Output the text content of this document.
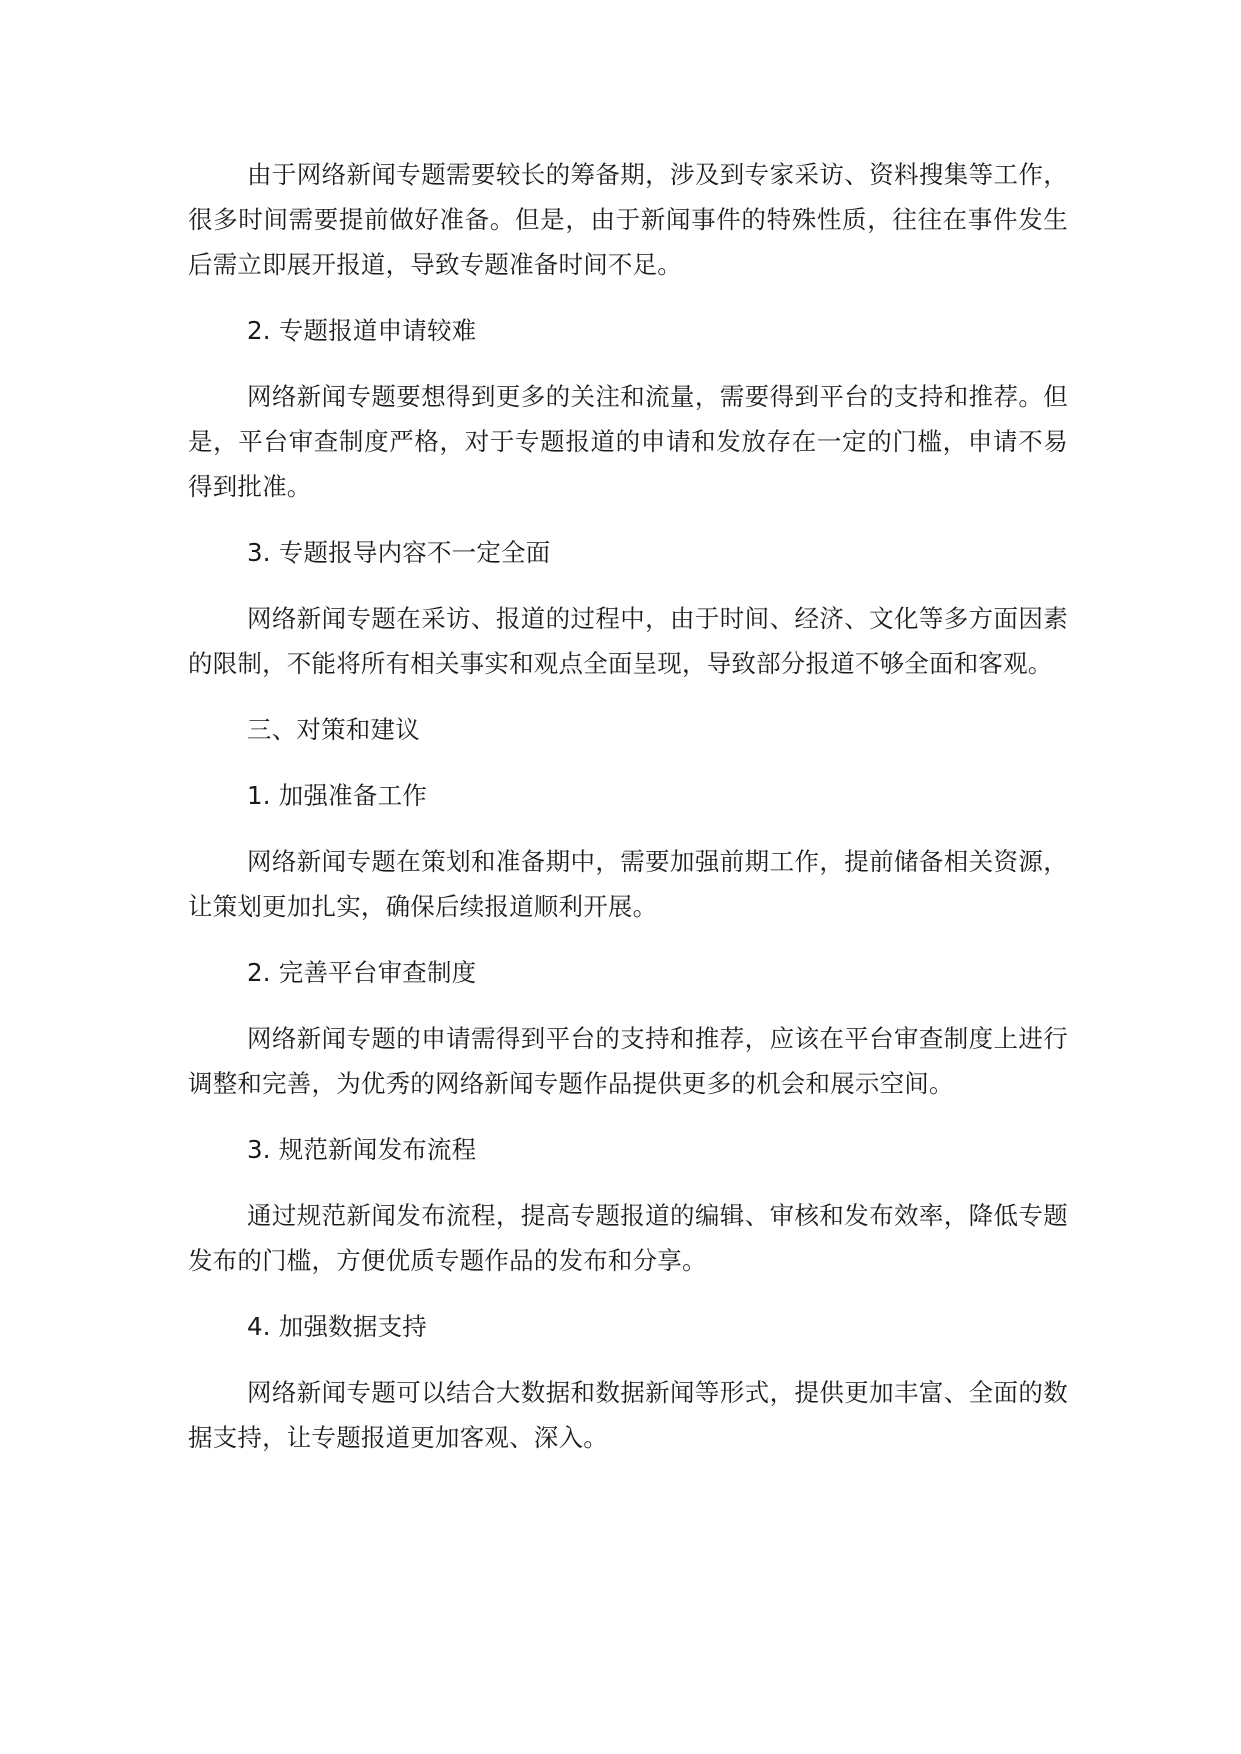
由于网络新闻专题需要较长的筹备期，涉及到专家采访、资料搜集等工作，很多时间需要提前做好准备。但是，由于新闻事件的特殊性质，往往在事件发生后需立即展开报道，导致专题准备时间不足。

2. 专题报道申请较难

网络新闻专题要想得到更多的关注和流量，需要得到平台的支持和推荐。但是，平台审查制度严格，对于专题报道的申请和发放存在一定的门槛，申请不易得到批准。

3. 专题报导内容不一定全面

网络新闻专题在采访、报道的过程中，由于时间、经济、文化等多方面因素的限制，不能将所有相关事实和观点全面呈现，导致部分报道不够全面和客观。

三、对策和建议

1. 加强准备工作

网络新闻专题在策划和准备期中，需要加强前期工作，提前储备相关资源，让策划更加扎实，确保后续报道顺利开展。

2. 完善平台审查制度

网络新闻专题的申请需得到平台的支持和推荐，应该在平台审查制度上进行调整和完善，为优秀的网络新闻专题作品提供更多的机会和展示空间。

3. 规范新闻发布流程

通过规范新闻发布流程，提高专题报道的编辑、审核和发布效率，降低专题发布的门槛，方便优质专题作品的发布和分享。

4. 加强数据支持

网络新闻专题可以结合大数据和数据新闻等形式，提供更加丰富、全面的数据支持，让专题报道更加客观、深入。
